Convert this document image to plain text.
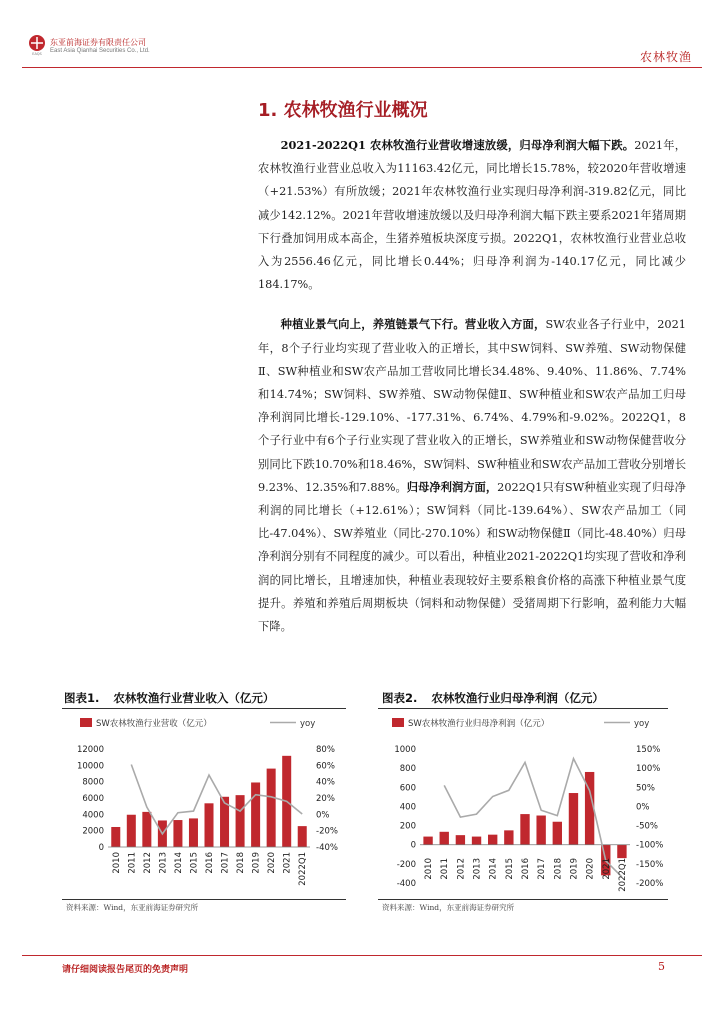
EAQS
东亚前海证券有限责任公司
East Asia Qianhai Securities Co., Ltd.	农林牧渔
1. 农林牧渔行业概况

2021-2022Q1 农林牧渔行业营收增速放缓，归母净利润大幅下跌。2021年，农林牧渔行业营业总收入为11163.42亿元，同比增长15.78%，较2020年营收增速（+21.53%）有所放缓；2021年农林牧渔行业实现归母净利润-319.82亿元，同比减少142.12%。2021年营收增速放缓以及归母净利润大幅下跌主要系2021年猪周期下行叠加饲用成本高企，生猪养殖板块深度亏损。2022Q1，农林牧渔行业营业总收入为2556.46亿元，同比增长0.44%；归母净利润为-140.17亿元，同比减少184.17%。

种植业景气向上，养殖链景气下行。营业收入方面，SW农业各子行业中，2021年，8个子行业均实现了营业收入的正增长，其中SW饲料、SW养殖、SW动物保健Ⅱ、SW种植业和SW农产品加工营收同比增长34.48%、9.40%、11.86%、7.74%和14.74%；SW饲料、SW养殖、SW动物保健Ⅱ、SW种植业和SW农产品加工归母净利润同比增长-129.10%、-177.31%、6.74%、4.79%和-9.02%。2022Q1，8个子行业中有6个子行业实现了营业收入的正增长，SW养殖业和SW动物保健营收分别同比下跌10.70%和18.46%，SW饲料、SW种植业和SW农产品加工营收分别增长9.23%、12.35%和7.88%。归母净利润方面，2022Q1只有SW种植业实现了归母净利润的同比增长（+12.61%）；SW饲料（同比-139.64%）、SW农产品加工（同比-47.04%）、SW养殖业（同比-270.10%）和SW动物保健Ⅱ（同比-48.40%）归母净利润分别有不同程度的减少。可以看出，种植业2021-2022Q1均实现了营收和净利润的同比增长，且增速加快，种植业表现较好主要系粮食价格的高涨下种植业景气度提升。养殖和养殖后周期板块（饲料和动物保健）受猪周期下行影响，盈利能力大幅下降。

图表1. 农林牧渔行业营业收入（亿元）
SW农林牧渔行业营收（亿元）	yoy
0
2000
4000
6000
8000
10000
12000
-40%
-20%
0%
20%
40%
60%
80%
2010 2011 2012 2013 2014 2015 2016 2017 2018 2019 2020 2021 2022Q1
资料来源：Wind，东亚前海证券研究所
图表2. 农林牧渔行业归母净利润（亿元）
SW农林牧渔行业归母净利润（亿元）	yoy
-400
-200
0
200
400
600
800
1000
-200%
-150%
-100%
-50%
0%
50%
100%
150%
2010 2011 2012 2013 2014 2015 2016 2017 2018 2019 2020 2021 2022Q1
资料来源：Wind，东亚前海证券研究所
请仔细阅读报告尾页的免责声明	5
